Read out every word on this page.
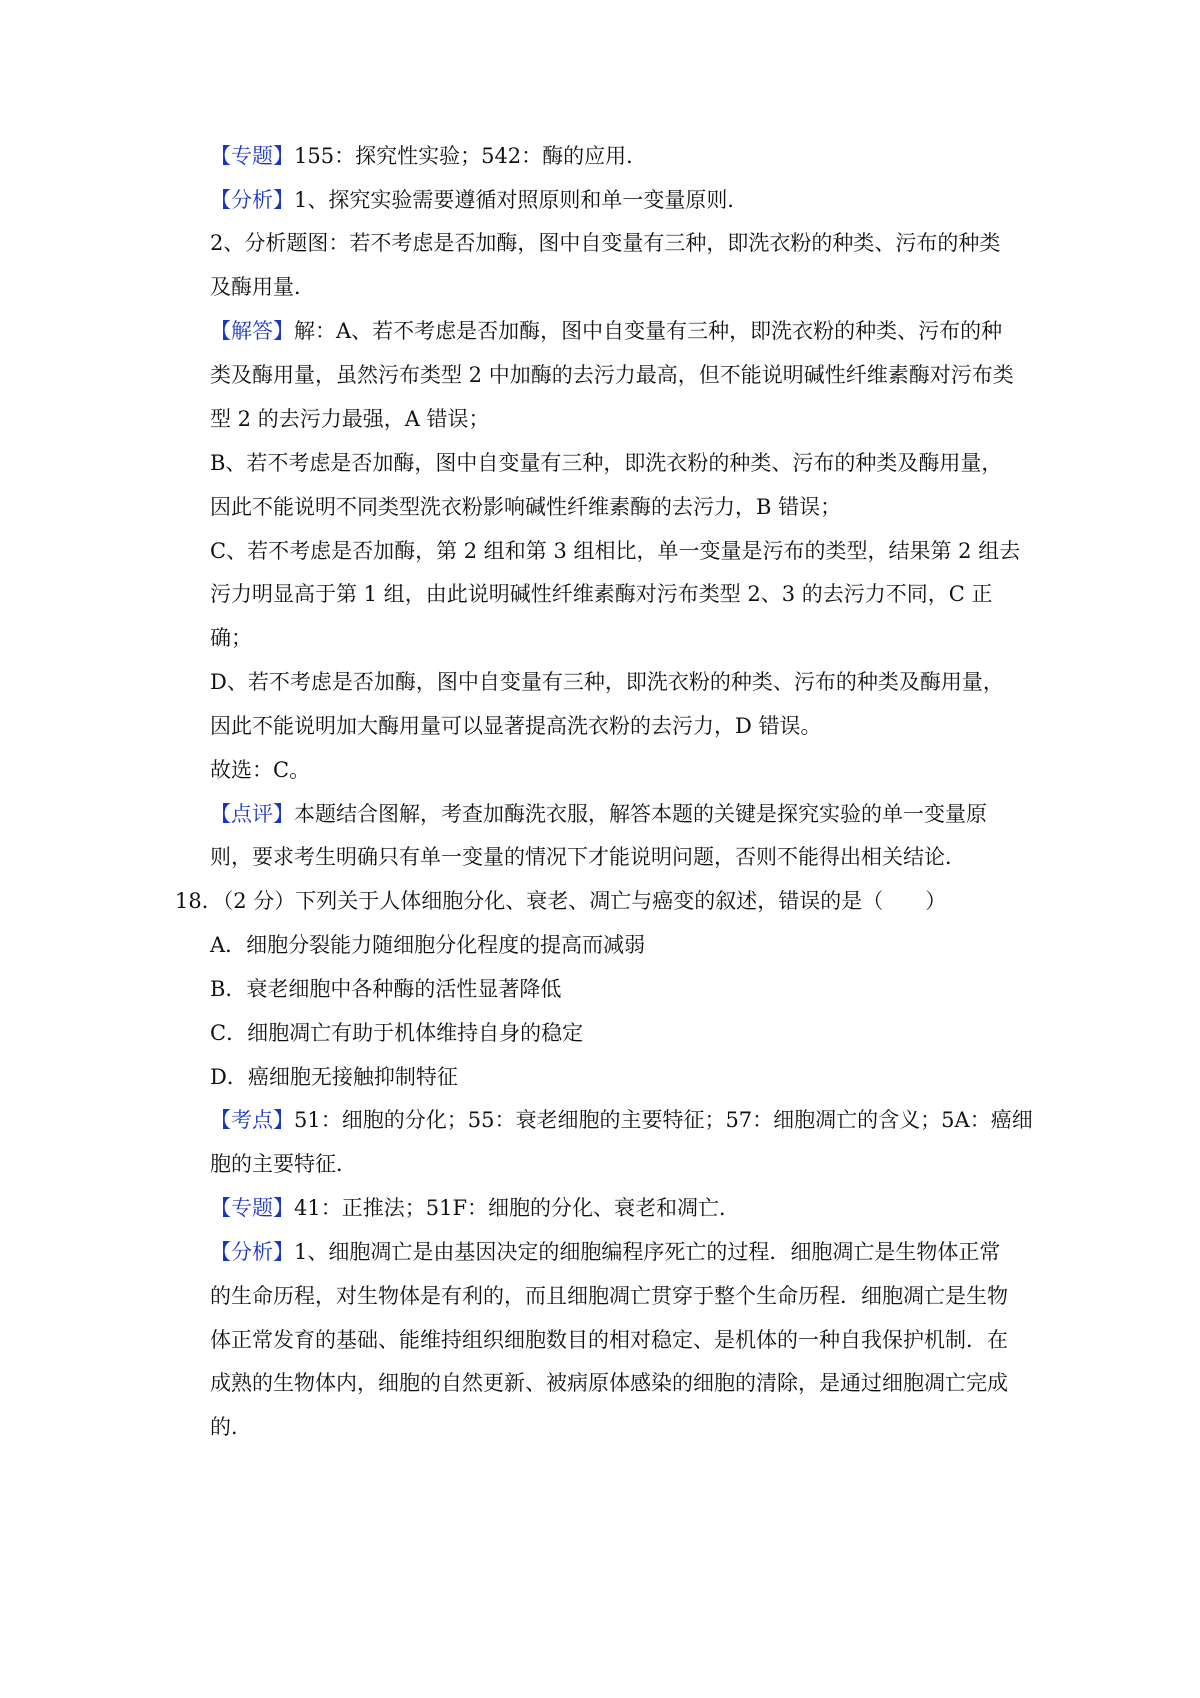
【专题】155：探究性实验；542：酶的应用．
【分析】1、探究实验需要遵循对照原则和单一变量原则．
2、分析题图：若不考虑是否加酶，图中自变量有三种，即洗衣粉的种类、污布的种类
及酶用量．
【解答】解：A、若不考虑是否加酶，图中自变量有三种，即洗衣粉的种类、污布的种
类及酶用量，虽然污布类型 2 中加酶的去污力最高，但不能说明碱性纤维素酶对污布类
型 2 的去污力最强，A 错误；
B、若不考虑是否加酶，图中自变量有三种，即洗衣粉的种类、污布的种类及酶用量，
因此不能说明不同类型洗衣粉影响碱性纤维素酶的去污力，B 错误；
C、若不考虑是否加酶，第 2 组和第 3 组相比，单一变量是污布的类型，结果第 2 组去
污力明显高于第 1 组，由此说明碱性纤维素酶对污布类型 2、3 的去污力不同，C 正
确；
D、若不考虑是否加酶，图中自变量有三种，即洗衣粉的种类、污布的种类及酶用量，
因此不能说明加大酶用量可以显著提高洗衣粉的去污力，D 错误。
故选：C。
【点评】本题结合图解，考查加酶洗衣服，解答本题的关键是探究实验的单一变量原
则，要求考生明确只有单一变量的情况下才能说明问题，否则不能得出相关结论．
18．（2 分）下列关于人体细胞分化、衰老、凋亡与癌变的叙述，错误的是（　　）
A．细胞分裂能力随细胞分化程度的提高而减弱
B．衰老细胞中各种酶的活性显著降低
C．细胞凋亡有助于机体维持自身的稳定
D．癌细胞无接触抑制特征
【考点】51：细胞的分化；55：衰老细胞的主要特征；57：细胞凋亡的含义；5A：癌细
胞的主要特征．
【专题】41：正推法；51F：细胞的分化、衰老和凋亡．
【分析】1、细胞凋亡是由基因决定的细胞编程序死亡的过程．细胞凋亡是生物体正常
的生命历程，对生物体是有利的，而且细胞凋亡贯穿于整个生命历程．细胞凋亡是生物
体正常发育的基础、能维持组织细胞数目的相对稳定、是机体的一种自我保护机制．在
成熟的生物体内，细胞的自然更新、被病原体感染的细胞的清除，是通过细胞凋亡完成
的．
